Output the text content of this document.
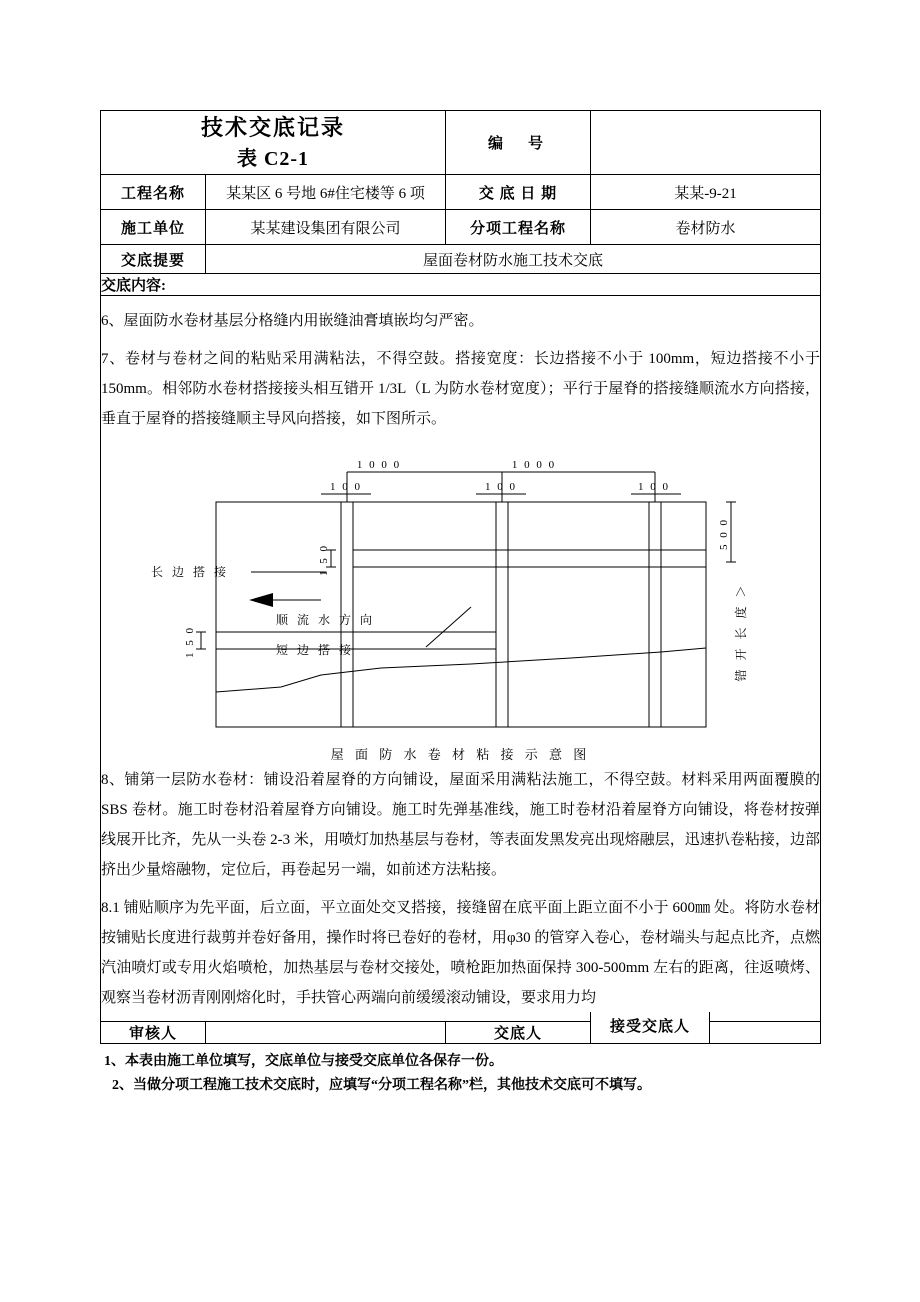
技术交底记录
表 C2-1		编　号	
工程名称	某某区 6 号地 6#住宅楼等 6 项	交 底 日 期	某某-9-21
施工单位	某某建设集团有限公司	分项工程名称	卷材防水
交底提要	屋面卷材防水施工技术交底		
交底内容:			

6、屋面防水卷材基层分格缝内用嵌缝油膏填嵌均匀严密。

7、卷材与卷材之间的粘贴采用满粘法，不得空鼓。搭接宽度：长边搭接不小于 100mm，短边搭接不小于 150mm。相邻防水卷材搭接接头相互错开 1/3L（L 为防水卷材宽度）；平行于屋脊的搭接缝顺流水方向搭接，垂直于屋脊的搭接缝顺主导风向搭接，如下图所示。

1 0 0 0	1 0 0 0
1 0 0	1 0 0	1 0 0
长 边 搭 接
顺 流 水 方 向
短 边 搭 接
1 5 0
1 5 0
5 0 0
错 开 长 度 ＞
屋 面 防 水 卷 材 粘 接 示 意 图

8、铺第一层防水卷材：铺设沿着屋脊的方向铺设，屋面采用满粘法施工，不得空鼓。材料采用两面覆膜的 SBS 卷材。施工时卷材沿着屋脊方向铺设。施工时先弹基准线，施工时卷材沿着屋脊方向铺设，将卷材按弹线展开比齐，先从一头卷 2-3 米，用喷灯加热基层与卷材，等表面发黑发亮出现熔融层，迅速扒卷粘接，边部挤出少量熔融物，定位后，再卷起另一端，如前述方法粘接。

8.1 铺贴顺序为先平面，后立面，平立面处交叉搭接，接缝留在底平面上距立面不小于 600㎜ 处。将防水卷材按铺贴长度进行裁剪并卷好备用，操作时将已卷好的卷材，用φ30 的管穿入卷心，卷材端头与起点比齐，点燃汽油喷灯或专用火焰喷枪，加热基层与卷材交接处，喷枪距加热面保持 300-500mm 左右的距离，往返喷烤、观察当卷材沥青刚刚熔化时，手扶管心两端向前缓缓滚动铺设，要求用力均

审核人		交底人		接受交底人
1、本表由施工单位填写，交底单位与接受交底单位各保存一份。
2、当做分项工程施工技术交底时，应填写“分项工程名称”栏，其他技术交底可不填写。
